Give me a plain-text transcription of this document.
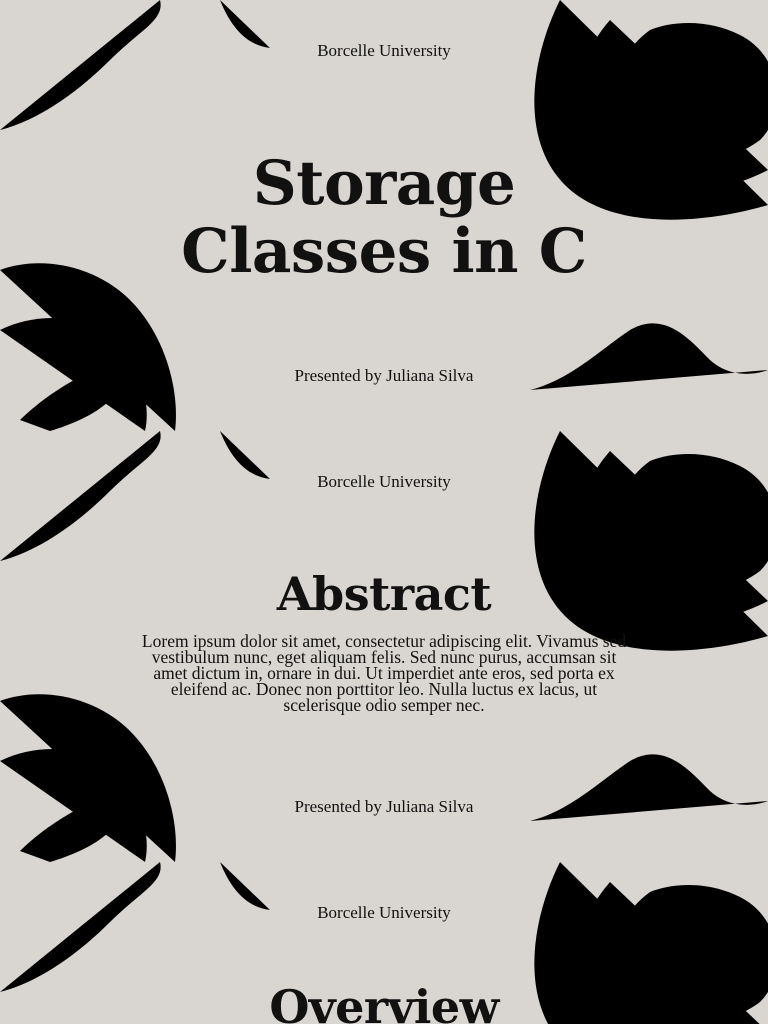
Borcelle University

Storage
Classes in C

Presented by Juliana Silva

Borcelle University

Abstract

Lorem ipsum dolor sit amet, consectetur adipiscing elit. Vivamus sed vestibulum nunc, eget aliquam felis. Sed nunc purus, accumsan sit amet dictum in, ornare in dui. Ut imperdiet ante eros, sed porta ex eleifend ac. Donec non porttitor leo. Nulla luctus ex lacus, ut scelerisque odio semper nec.

Presented by Juliana Silva

Borcelle University

Overview
